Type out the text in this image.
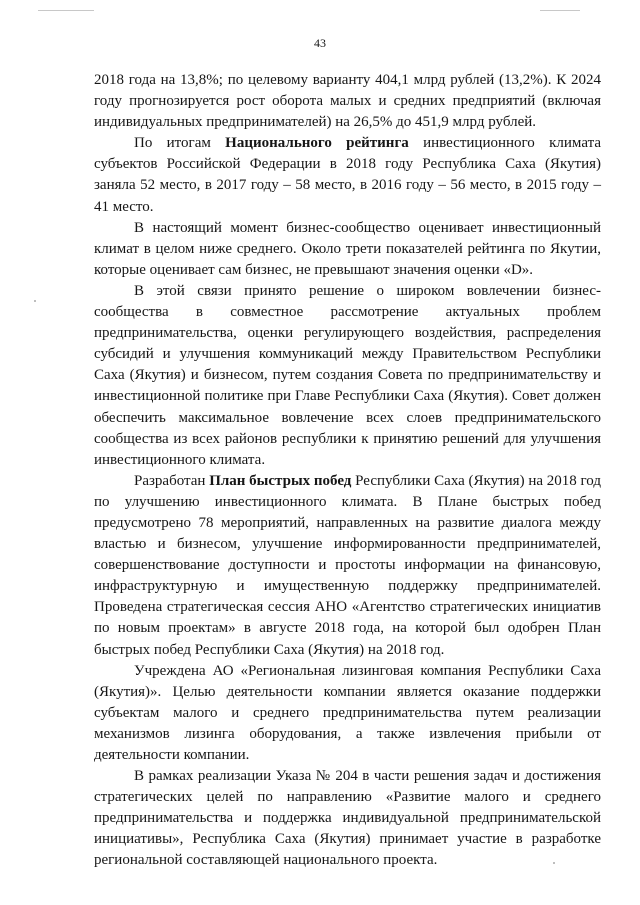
43

2018 года на 13,8%; по целевому варианту 404,1 млрд рублей (13,2%). К 2024 году прогнозируется рост оборота малых и средних предприятий (включая индивидуальных предпринимателей) на 26,5% до 451,9 млрд рублей.

По итогам Национального рейтинга инвестиционного климата субъектов Российской Федерации в 2018 году Республика Саха (Якутия) заняла 52 место, в 2017 году – 58 место, в 2016 году – 56 место, в 2015 году – 41 место.

В настоящий момент бизнес-сообщество оценивает инвестиционный климат в целом ниже среднего. Около трети показателей рейтинга по Якутии, которые оценивает сам бизнес, не превышают значения оценки «D».

В этой связи принято решение о широком вовлечении бизнес-сообщества в совместное рассмотрение актуальных проблем предпринимательства, оценки регулирующего воздействия, распределения субсидий и улучшения коммуникаций между Правительством Республики Саха (Якутия) и бизнесом, путем создания Совета по предпринимательству и инвестиционной политике при Главе Республики Саха (Якутия). Совет должен обеспечить максимальное вовлечение всех слоев предпринимательского сообщества из всех районов республики к принятию решений для улучшения инвестиционного климата.

Разработан План быстрых побед Республики Саха (Якутия) на 2018 год по улучшению инвестиционного климата. В Плане быстрых побед предусмотрено 78 мероприятий, направленных на развитие диалога между властью и бизнесом, улучшение информированности предпринимателей, совершенствование доступности и простоты информации на финансовую, инфраструктурную и имущественную поддержку предпринимателей. Проведена стратегическая сессия АНО «Агентство стратегических инициатив по новым проектам» в августе 2018 года, на которой был одобрен План быстрых побед Республики Саха (Якутия) на 2018 год.

Учреждена АО «Региональная лизинговая компания Республики Саха (Якутия)». Целью деятельности компании является оказание поддержки субъектам малого и среднего предпринимательства путем реализации механизмов лизинга оборудования, а также извлечения прибыли от деятельности компании.

В рамках реализации Указа № 204 в части решения задач и достижения стратегических целей по направлению «Развитие малого и среднего предпринимательства и поддержка индивидуальной предпринимательской инициативы», Республика Саха (Якутия) принимает участие в разработке региональной составляющей национального проекта.
